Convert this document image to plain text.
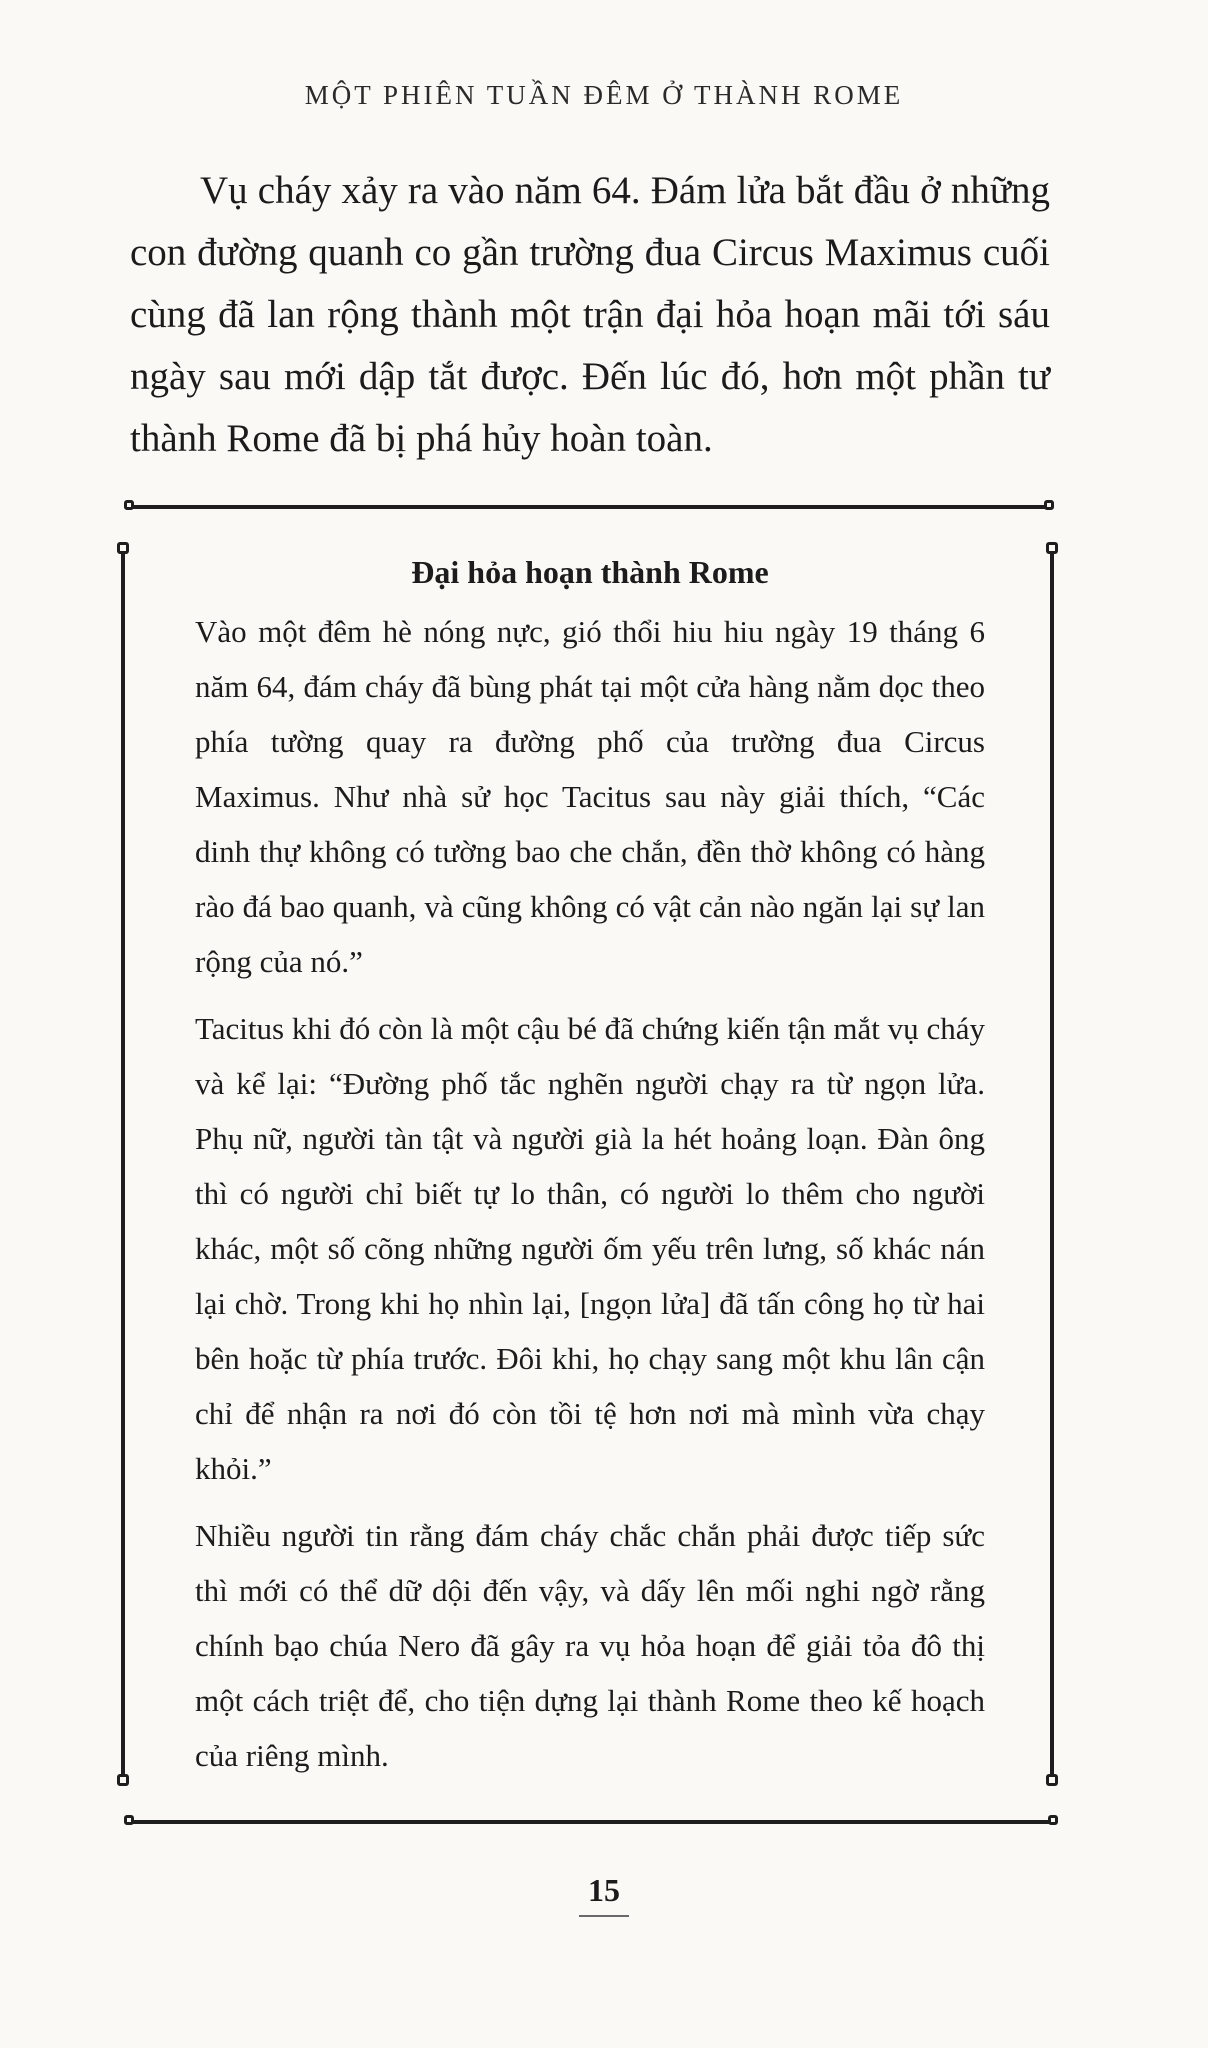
MỘT PHIÊN TUẦN ĐÊM Ở THÀNH ROME

Vụ cháy xảy ra vào năm 64. Đám lửa bắt đầu ở những con đường quanh co gần trường đua Circus Maximus cuối cùng đã lan rộng thành một trận đại hỏa hoạn mãi tới sáu ngày sau mới dập tắt được. Đến lúc đó, hơn một phần tư thành Rome đã bị phá hủy hoàn toàn.

Đại hỏa hoạn thành Rome

Vào một đêm hè nóng nực, gió thổi hiu hiu ngày 19 tháng 6 năm 64, đám cháy đã bùng phát tại một cửa hàng nằm dọc theo phía tường quay ra đường phố của trường đua Circus Maximus. Như nhà sử học Tacitus sau này giải thích, “Các dinh thự không có tường bao che chắn, đền thờ không có hàng rào đá bao quanh, và cũng không có vật cản nào ngăn lại sự lan rộng của nó.”

Tacitus khi đó còn là một cậu bé đã chứng kiến tận mắt vụ cháy và kể lại: “Đường phố tắc nghẽn người chạy ra từ ngọn lửa. Phụ nữ, người tàn tật và người già la hét hoảng loạn. Đàn ông thì có người chỉ biết tự lo thân, có người lo thêm cho người khác, một số cõng những người ốm yếu trên lưng, số khác nán lại chờ. Trong khi họ nhìn lại, [ngọn lửa] đã tấn công họ từ hai bên hoặc từ phía trước. Đôi khi, họ chạy sang một khu lân cận chỉ để nhận ra nơi đó còn tồi tệ hơn nơi mà mình vừa chạy khỏi.”

Nhiều người tin rằng đám cháy chắc chắn phải được tiếp sức thì mới có thể dữ dội đến vậy, và dấy lên mối nghi ngờ rằng chính bạo chúa Nero đã gây ra vụ hỏa hoạn để giải tỏa đô thị một cách triệt để, cho tiện dựng lại thành Rome theo kế hoạch của riêng mình.

15
